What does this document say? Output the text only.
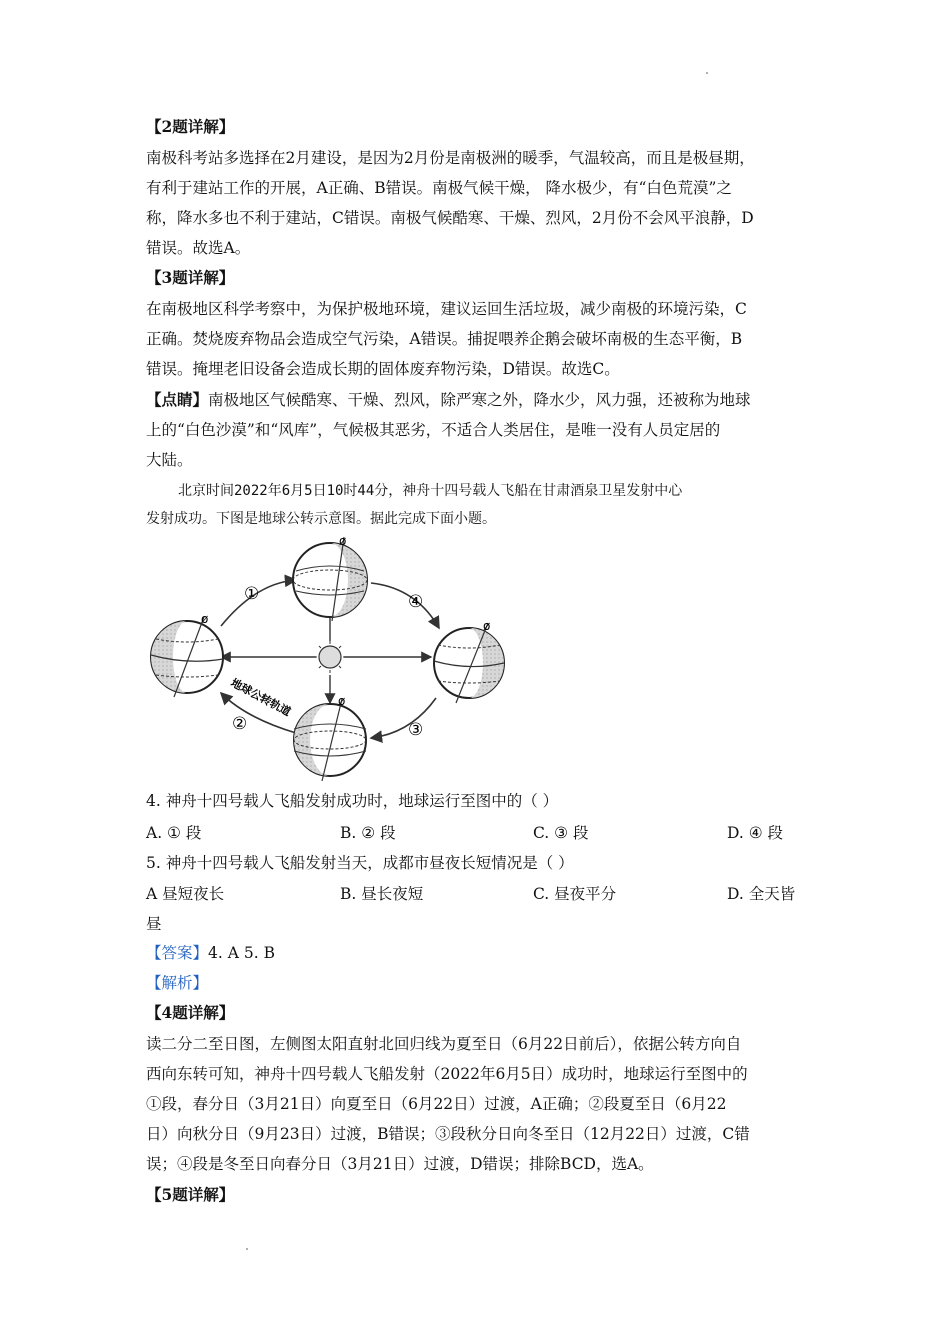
【2题详解】
南极科考站多选择在2月建设，是因为2月份是南极洲的暖季，气温较高，而且是极昼期，
有利于建站工作的开展，A正确、B错误。南极气候干燥， 降水极少，有“白色荒漠”之
称，降水多也不利于建站，C错误。南极气候酷寒、干燥、烈风，2月份不会风平浪静，D
错误。故选A。
【3题详解】
在南极地区科学考察中，为保护极地环境，建议运回生活垃圾，减少南极的环境污染，C
正确。焚烧废弃物品会造成空气污染，A错误。捕捉喂养企鹅会破坏南极的生态平衡，B
错误。掩埋老旧设备会造成长期的固体废弃物污染，D错误。故选C。
【点睛】南极地区气候酷寒、干燥、烈风，除严寒之外，降水少，风力强，还被称为地球
上的“白色沙漠”和“风库”，气候极其恶劣，不适合人类居住，是唯一没有人员定居的
大陆。
北京时间2022年6月5日10时44分，神舟十四号载人飞船在甘肃酒泉卫星发射中心
发射成功。下图是地球公转示意图。据此完成下面小题。
ø
ø	ø
ø
①
②	③
④
地球公转轨道
4. 神舟十四号载人飞船发射成功时，地球运行至图中的（ ）
A. ① 段	B. ② 段	C. ③ 段	D. ④ 段
5. 神舟十四号载人飞船发射当天，成都市昼夜长短情况是（ ）
A 昼短夜长	B. 昼长夜短	C. 昼夜平分	D. 全天皆
昼
【答案】4. A 5. B
【解析】
【4题详解】
读二分二至日图，左侧图太阳直射北回归线为夏至日（6月22日前后），依据公转方向自
西向东转可知，神舟十四号载人飞船发射（2022年6月5日）成功时，地球运行至图中的
①段，春分日（3月21日）向夏至日（6月22日）过渡，A正确；②段夏至日（6月22
日）向秋分日（9月23日）过渡，B错误；③段秋分日向冬至日（12月22日）过渡，C错
误；④段是冬至日向春分日（3月21日）过渡，D错误；排除BCD，选A。
【5题详解】
